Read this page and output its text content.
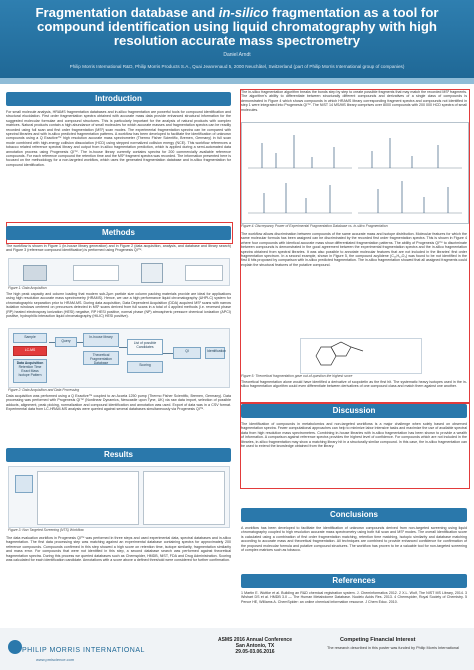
Fragmentation database and in-silico fragmentation as a tool for compound identification using liquid chromatography with high resolution accurate mass spectrometry
Daniel Arndt
Philip Morris International R&D, Philip Morris Products S.A., Quai Jeanrenaud 5, 2000 Neuchâtel, Switzerland (part of Philip Morris International group of companies)
Introduction
For small molecule analysis, HRAMS fragmentation databases and in-silico fragmentation are powerful tools for compound identification and structural elucidation. First order fragmentation spectra obtained with accurate mass data provide enhanced structural information for the suggested molecular formulae and compound structures. This is particularly important for the analysis of natural products with complex matrices. Natural products contain a high abundance of small molecules for which accurate masses and fragmentation spectra can be readily recorded using full scan and first order fragmentation (MS²) scan modes. The experimental fragmentation spectra can be compared with spectral libraries and with in-silico predicted fragmentation patterns. A workflow has been developed to facilitate the identification of unknown compounds using a Q Exactive™ high resolution accurate mass spectrometer (Thermo Fisher Scientific, Bremen, Germany) in full scan mode combined with high-energy collision dissociation (HCD) using stepped normalized collision energy (NCE). This workflow references a tobacco related reference spectral library and output from in-silico fragmentation prediction, which is applied during a semi-automated data annotation process using Progenesis QI™. The in-house library currently contains spectra for 200 commercially available reference compounds. For each reference compound the retention time and the MS² fragment spectra was recorded. The information presented here is focused on the methodology for a non-targeted workflow, which uses the generated fragmentation database and in-silico fragmentation for compound identification.
Methods
The workflow is shown in Figure 1 (in-house library generation) and in Figure 2 (data acquisition, analysis, and database and library search) and Figure 3 (reference compound identification) is performed using Progenesis QI™.
Figure 1: Data Acquisition
The high peak capacity and column loading that modern sub-2μm particle size column packing materials provide are ideal for applications using high resolution accurate mass spectrometry (HRAMS). Hence, we use a high performance liquid chromatography (UHPLC) system for chromatographic separation prior to HRAM-MS. During data acquisition, Data Dependent Acquisition (DDA) acquired MS² scans with narrow isolation windows centered on precursors detected in MS¹ scans derived from full scans in a total of 4 applied methods (i.e. reversed phase (RP) heated electrospray ionization (HESI) negative, RP HESI positive, normal phase (NP) atmospheric pressure chemical ionization (APCI) positive, hydrophilic interaction liquid chromatography (HILIC) HESI positive).
Sample
LC-MS
Data Acquisition
Retention Time
Exact Mass
Isotope Pattern
Query
In-house library
Theoretical Fragmentation Database
List of possible Candidates
Scoring
QI	Identification
Figure 2: Data Acquisition and Data Processing
Data acquisition was performed using a Q Exactive™ coupled to an Accela 1250 pump (Thermo Fisher Scientific, Bremen, Germany). Data processing was performed with Progenesis QI™ (Nonlinear Dynamics, Newcastle upon Tyne, UK) via raw data import, selection of possible adducts, alignment, peak picking, normalization and compound identification and annotation was used. Export of data was in a CSV format. Experimental data from LC-HRAM-MS analysis were queried against several databases simultaneously via Progenesis QI™.
Results
Figure 3: Non Targeted Screening (NTS) Workflow
The data evaluation workflow in Progenesis QI™ was performed in three steps and used experimental data, spectral databases and in-silico fragmentation. The first data processing step was matching against an experimental database containing spectra for approximately 200 reference compounds. Compounds confirmed in this step showed a high score on retention time, isotope similarity, fragmentation similarity and mass error. For compounds that were not identified in this step, a second database search was performed against theoretical fragmentation spectra. During this process we queried databases such as Chemspider, HMDB, NIST, FDA and Drug Administration. Scoring was calculated for each identification candidate. Annotations with a score above a defined threshold were considered for further confirmation.
The in-silico fragmentation algorithm breaks the bonds step by step to create possible fragments that may match the recorded MS² fragments. The algorithm's ability to differentiate between structurally different compounds and derivatives of a single class of compounds is demonstrated in Figure 4 which shows compounds in which HRAMS library corresponding fragment spectra and compounds not identified in step 1 were integrated into Progenesis QI™. The NIST 14 MS/MS library comprises over 8000 compounds with 200 000 HCD spectra of small molecules.
Figure 4: Discrepancy Power of Experimental Fragmentation Database vs. in-silico Fragmentation
The workflow allows discrimination between compounds of the same accurate mass and isotope distribution. Molecular features for which the same molecular formula has been assigned can be discriminated by the recorded first order fragmentation spectra. This is shown in Figure 4 where four compounds with identical accurate mass show differentiated fragmentation patterns. The ability of Progenesis QI™ to discriminate between compounds is demonstrated in the good agreement between the experimental fragmentation spectra and the in-silico fragmentation spectra obtained from spectral libraries. It was also possible to annotate molecular features that are not included in the libraries' first order fragmentation spectrum. In a second example, shown in Figure 5, the compound acylidene (C₁₆H₁₂O₃) was found to be not identified in the first 8 hits proposed by comparison with in-silico predicted fragmentation. The in-silico fragmentation showed that all assigned fragments could explain the structural features of the putative compound.
Figure 5: Theoretical fragmentation gave out-of-question the highest score
Theoretical fragmentation alone would have identified a derivative of scopoletin as the first hit. The systematic heavy isotopes used in the in-silico fragmentation algorithm could even differentiate between derivatives of one compound class and match them against one another.
Discussion
The identification of compounds in metabolomics and non-targeted workflows is a major challenge when solely based on observed fragmentation spectra. Fewer computational approaches can help to minimize labor intensive tasks and maximize the use of available spectral data from high resolution mass spectrometers. Combining in-house libraries with in-silico fragmentation has been shown to provide a wealth of information. A comparison against reference spectra provides the highest level of confidence. For compounds which are not included in the libraries, in-silico fragmentation may show a matching library hit in a structurally similar compound. In this case, the in-silico fragmentation can be used to extend the knowledge obtained from the library.
Conclusions
A workflow has been developed to facilitate the identification of unknown compounds derived from non-targeted screening using liquid chromatography coupled to high resolution accurate mass spectrometry using both full scan and MS² modes. The overall identification score is calculated using a combination of first order fragmentation matching, retention time matching, isotopic similarity and database matching according to accurate mass and theoretical fragmentation. All techniques are combined to provide enhanced confidence for confirmation of the proposed molecular formula and putative compound structures. The workflow has proven to be a valuable tool for non-targeted screening of complex matrices such as tobacco.
References
1 Martin E. Wuttke et al. Building an R&D chemical registration system. J. Cheminformatics 2012. 2 X.L. Wolf, The NIST MS Library, 2014. 3 Wishart DS et al. HMDB 3.0 — The Human Metabolome Database. Nucleic Acids Res. 2013. 4 Chemspider, Royal Society of Chemistry. 5 Pence HE, Williams A. ChemSpider: an online chemical information resource. J Chem Educ. 2010.
PHILIP MORRIS INTERNATIONAL
www.pmiscience.com
ASMS 2016 Annual Conference
San Antonio, TX
29.05-03.06.2016
Competing Financial Interest
The research described in this poster was funded by Philip Morris International
